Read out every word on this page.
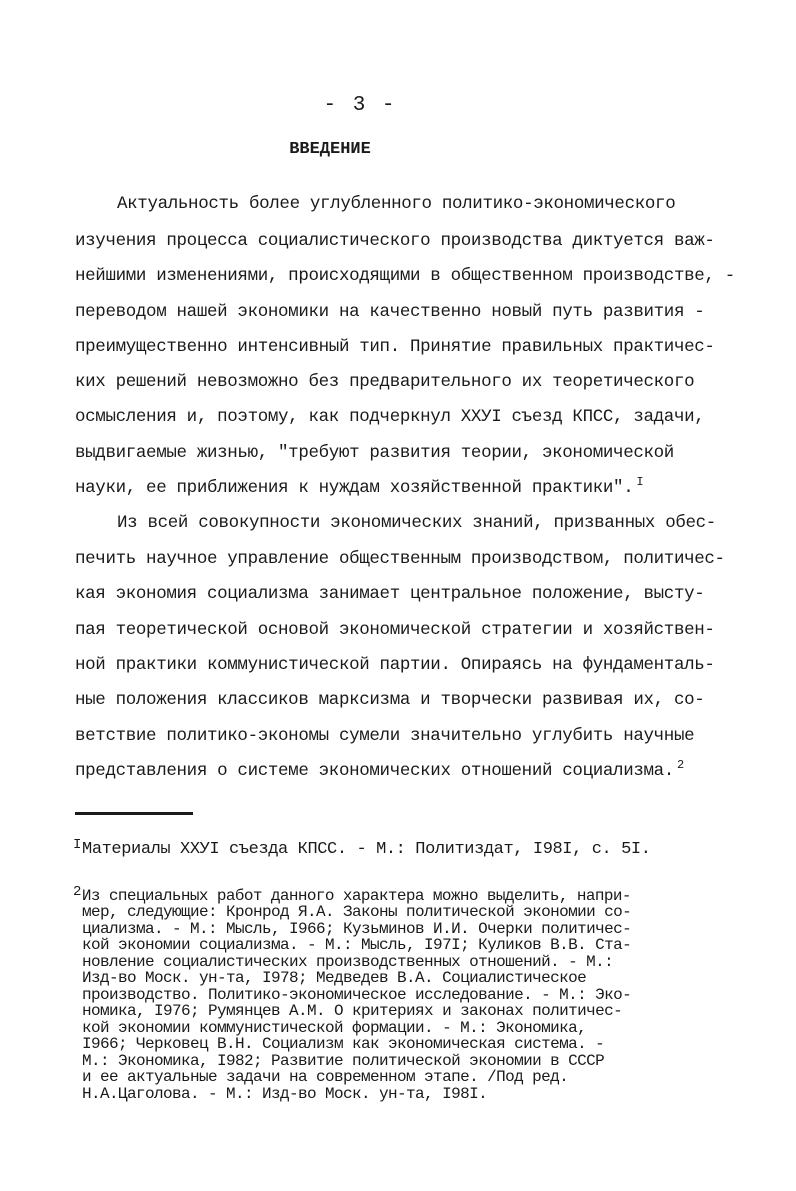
- 3 -
ВВЕДЕНИЕ
Актуальность более углубленного политико-экономического
изучения процесса социалистического производства диктуется важ-
нейшими изменениями, происходящими в общественном производстве, -
переводом нашей экономики на качественно новый путь развития -
преимущественно интенсивный тип. Принятие правильных практичес-
ких решений невозможно без предварительного их теоретического
осмысления и, поэтому, как подчеркнул ХХУI съезд КПСС, задачи,
выдвигаемые жизнью, "требуют развития теории, экономической
науки, ее приближения к нуждам хозяйственной практики". $^I$
Из всей совокупности экономических знаний, призванных обес-
печить научное управление общественным производством, политичес-
кая экономия социализма занимает центральное положение, высту-
пая теоретической основой экономической стратегии и хозяйствен-
ной практики коммунистической партии. Опираясь на фундаменталь-
ные положения классиков марксизма и творчески развивая их, со-
ветствие политико-экономы сумели значительно углубить научные
представления о системе экономических отношений социализма. $^2$
$^I$Материалы ХХУI съезда КПСС. - М.: Политиздат, I98I, с. 5I.
2Из специальных работ данного характера можно выделить, напри-
мер, следующие: Кронрод Я.А. Законы политической экономии со-
циализма. - М.: Мысль, I966; Кузьминов И.И. Очерки политичес-
кой экономии социализма. - М.: Мысль, I97I; Куликов В.В. Ста-
новление социалистических производственных отношений. - М.:
Изд-во Моск. ун-та, I978; Медведев В.А. Социалистическое
производство. Политико-экономическое исследование. - М.: Эко-
номика, I976; Румянцев А.М. О критериях и законах политичес-
кой экономии коммунистической формации. - М.: Экономика,
I966; Черковец В.Н. Социализм как экономическая система. -
М.: Экономика, I982; Развитие политической экономии в СССР
и ее актуальные задачи на современном этапе. /Под ред.
Н.А.Цаголова. - М.: Изд-во Моск. ун-та, I98I.
